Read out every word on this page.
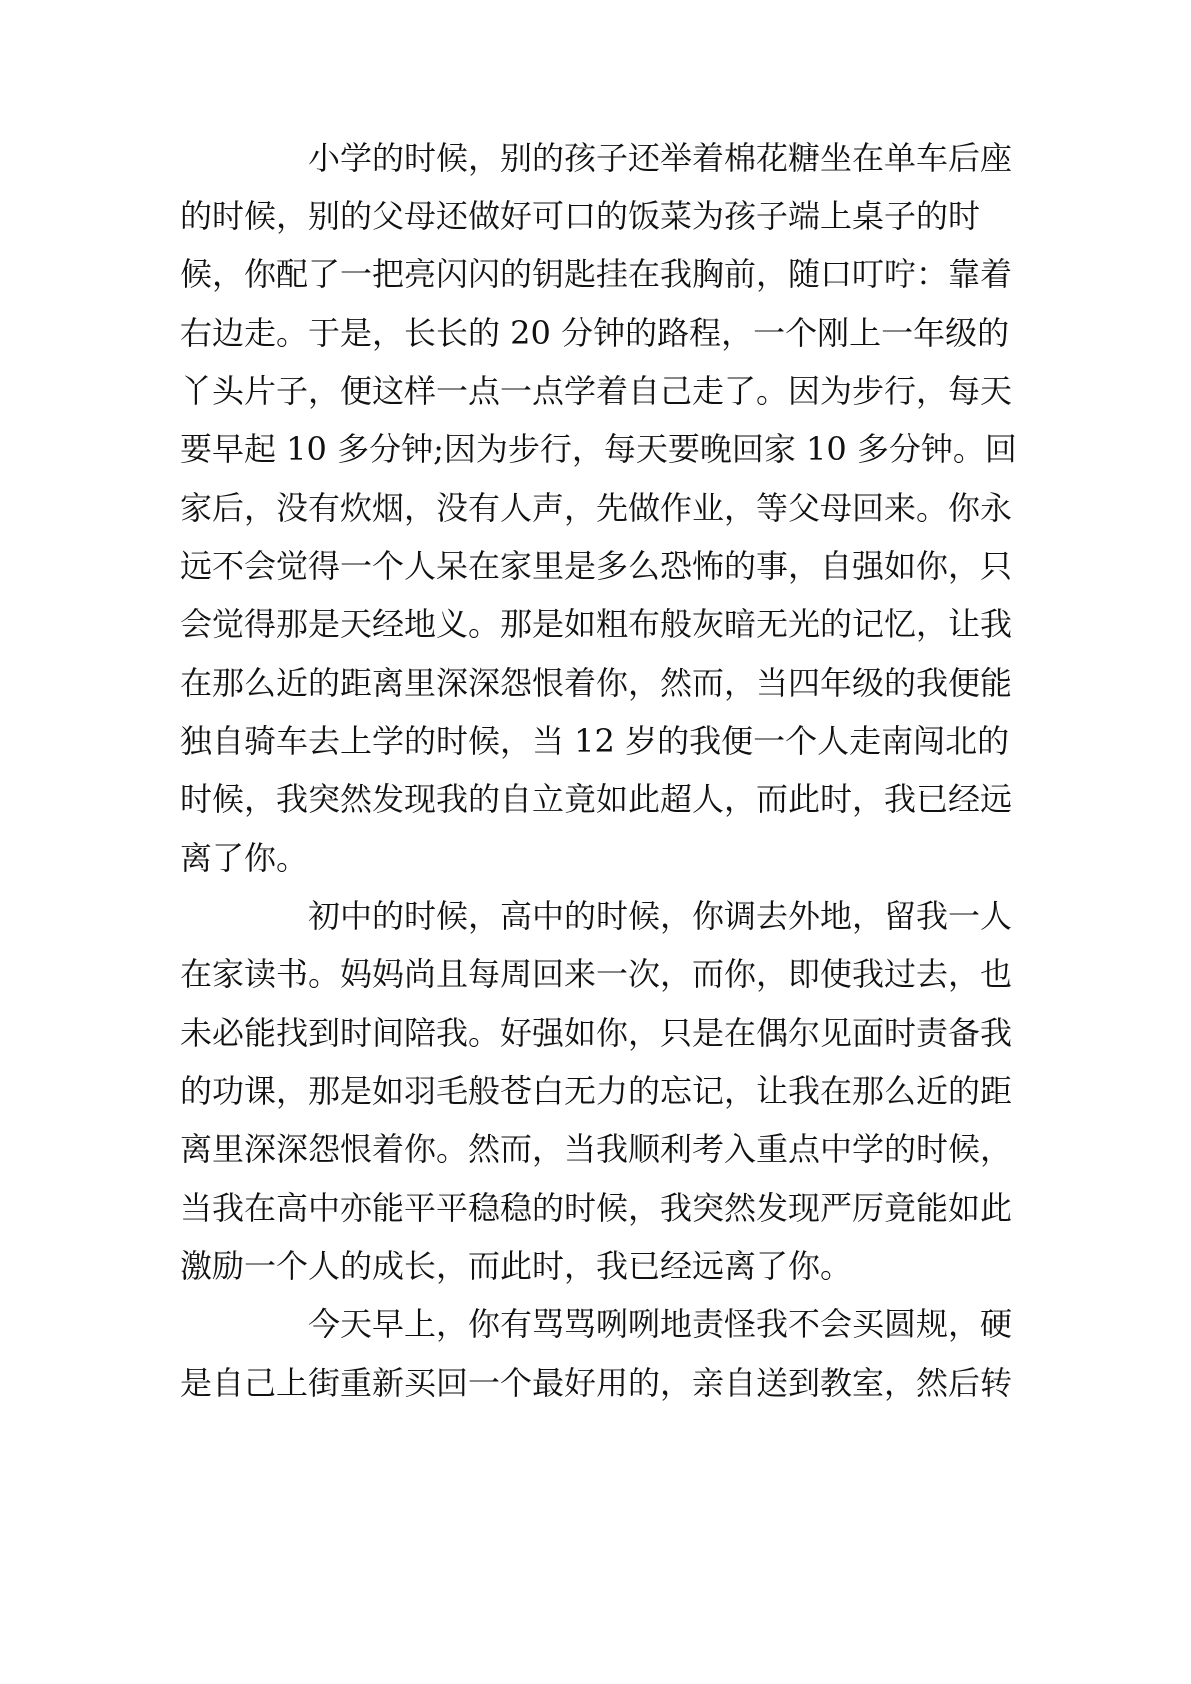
小学的时候，别的孩子还举着棉花糖坐在单车后座
的时候，别的父母还做好可口的饭菜为孩子端上桌子的时
候，你配了一把亮闪闪的钥匙挂在我胸前，随口叮咛：靠着
右边走。于是，长长的 20 分钟的路程，一个刚上一年级的
丫头片子，便这样一点一点学着自己走了。因为步行，每天
要早起 10 多分钟;因为步行，每天要晚回家 10 多分钟。回
家后，没有炊烟，没有人声，先做作业，等父母回来。你永
远不会觉得一个人呆在家里是多么恐怖的事，自强如你，只
会觉得那是天经地义。那是如粗布般灰暗无光的记忆，让我
在那么近的距离里深深怨恨着你，然而，当四年级的我便能
独自骑车去上学的时候，当 12 岁的我便一个人走南闯北的
时候，我突然发现我的自立竟如此超人，而此时，我已经远
离了你。
初中的时候，高中的时候，你调去外地，留我一人
在家读书。妈妈尚且每周回来一次，而你，即使我过去，也
未必能找到时间陪我。好强如你，只是在偶尔见面时责备我
的功课，那是如羽毛般苍白无力的忘记，让我在那么近的距
离里深深怨恨着你。然而，当我顺利考入重点中学的时候，
当我在高中亦能平平稳稳的时候，我突然发现严厉竟能如此
激励一个人的成长，而此时，我已经远离了你。
今天早上，你有骂骂咧咧地责怪我不会买圆规，硬
是自己上街重新买回一个最好用的，亲自送到教室，然后转
